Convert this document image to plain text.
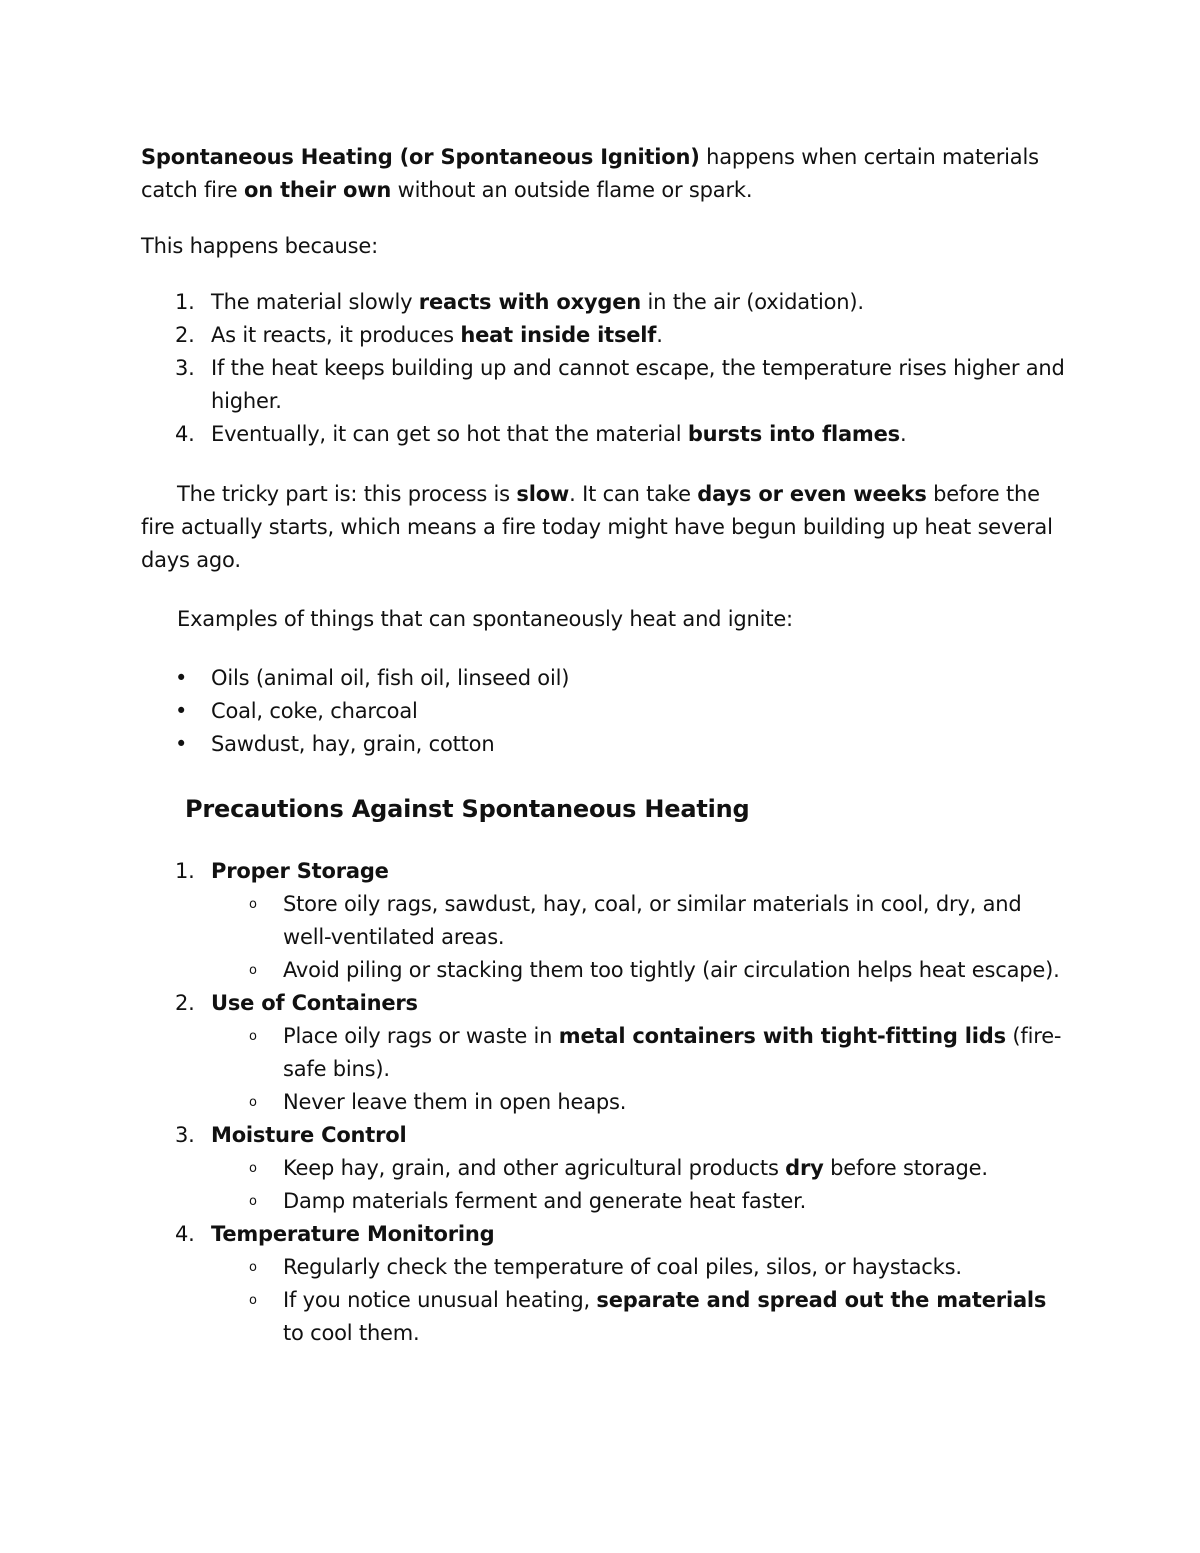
Spontaneous Heating (or Spontaneous Ignition) happens when certain materials catch fire on their own without an outside flame or spark.

This happens because:

1. The material slowly reacts with oxygen in the air (oxidation).
2. As it reacts, it produces heat inside itself.
3. If the heat keeps building up and cannot escape, the temperature rises higher and higher.
4. Eventually, it can get so hot that the material bursts into flames.

The tricky part is: this process is slow. It can take days or even weeks before the fire actually starts, which means a fire today might have begun building up heat several days ago.

Examples of things that can spontaneously heat and ignite:

• Oils (animal oil, fish oil, linseed oil)
• Coal, coke, charcoal
• Sawdust, hay, grain, cotton
Precautions Against Spontaneous Heating
1. Proper Storage
o Store oily rags, sawdust, hay, coal, or similar materials in cool, dry, and well-ventilated areas.
o Avoid piling or stacking them too tightly (air circulation helps heat escape).
2. Use of Containers
o Place oily rags or waste in metal containers with tight-fitting lids (fire-safe bins).
o Never leave them in open heaps.
3. Moisture Control
o Keep hay, grain, and other agricultural products dry before storage.
o Damp materials ferment and generate heat faster.
4. Temperature Monitoring
o Regularly check the temperature of coal piles, silos, or haystacks.
o If you notice unusual heating, separate and spread out the materials to cool them.
